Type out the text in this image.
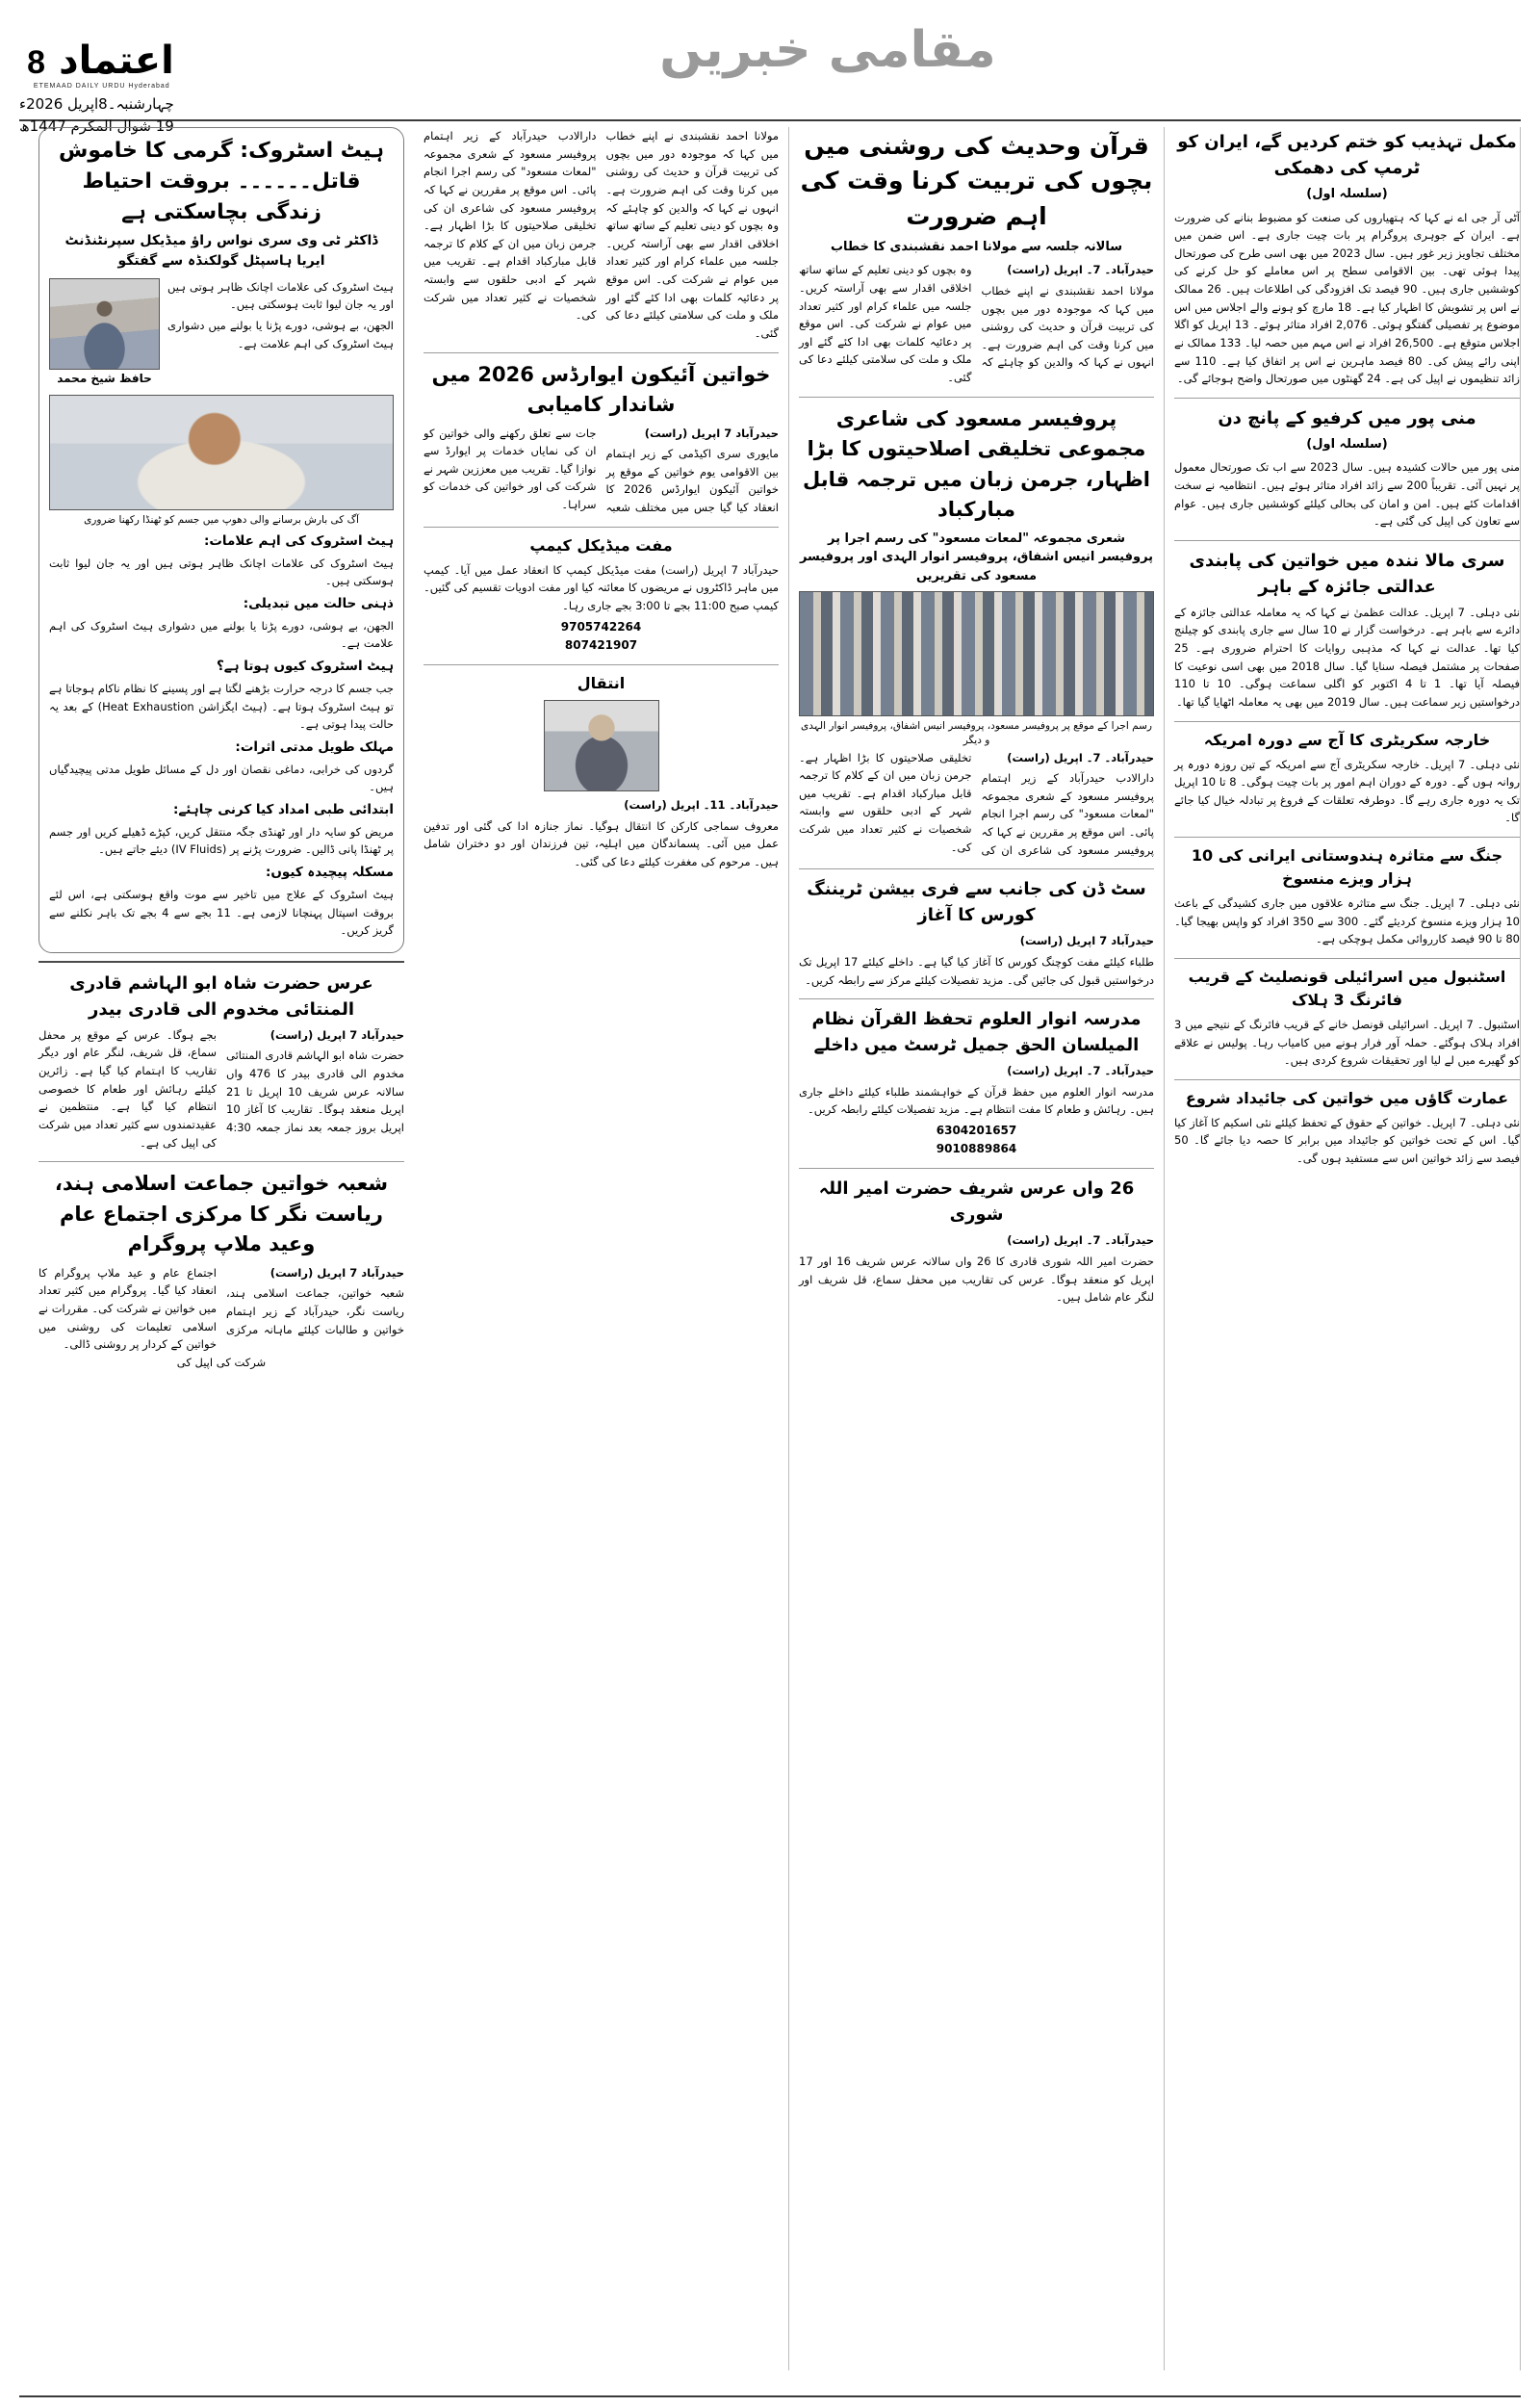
مقامی خبریں
اعتماد
8
ETEMAAD DAILY URDU Hyderabad
چہارشنبہ۔8اپریل 2026ء
19 شوال المکرم 1447ھ
مکمل تہذیب کو ختم کردیں گے، ایران کو ٹرمپ کی دھمکی
(سلسلہ اول)

آٹی آر جی اے نے کہا کہ ہتھیاروں کی صنعت کو مضبوط بنانے کی ضرورت ہے۔ ایران کے جوہری پروگرام پر بات چیت جاری ہے۔ اس ضمن میں مختلف تجاویز زیر غور ہیں۔ سال 2023 میں بھی اسی طرح کی صورتحال پیدا ہوئی تھی۔ بین الاقوامی سطح پر اس معاملے کو حل کرنے کی کوششیں جاری ہیں۔ 90 فیصد تک افزودگی کی اطلاعات ہیں۔ 26 ممالک نے اس پر تشویش کا اظہار کیا ہے۔ 18 مارچ کو ہونے والے اجلاس میں اس موضوع پر تفصیلی گفتگو ہوئی۔ 2,076 افراد متاثر ہوئے۔ 13 اپریل کو اگلا اجلاس متوقع ہے۔ 26,500 افراد نے اس مہم میں حصہ لیا۔ 133 ممالک نے اپنی رائے پیش کی۔ 80 فیصد ماہرین نے اس پر اتفاق کیا ہے۔ 110 سے زائد تنظیموں نے اپیل کی ہے۔ 24 گھنٹوں میں صورتحال واضح ہوجائے گی۔

منی پور میں کرفیو کے پانچ دن
(سلسلہ اول)

منی پور میں حالات کشیدہ ہیں۔ سال 2023 سے اب تک صورتحال معمول پر نہیں آئی۔ تقریباً 200 سے زائد افراد متاثر ہوئے ہیں۔ انتظامیہ نے سخت اقدامات کئے ہیں۔ امن و امان کی بحالی کیلئے کوششیں جاری ہیں۔ عوام سے تعاون کی اپیل کی گئی ہے۔

سری مالا نندہ میں خواتین کی پابندی عدالتی جائزہ کے باہر

نئی دہلی۔ 7 اپریل۔ عدالت عظمیٰ نے کہا کہ یہ معاملہ عدالتی جائزہ کے دائرے سے باہر ہے۔ درخواست گزار نے 10 سال سے جاری پابندی کو چیلنج کیا تھا۔ عدالت نے کہا کہ مذہبی روایات کا احترام ضروری ہے۔ 25 صفحات پر مشتمل فیصلہ سنایا گیا۔ سال 2018 میں بھی اسی نوعیت کا فیصلہ آیا تھا۔ 1 تا 4 اکتوبر کو اگلی سماعت ہوگی۔ 10 تا 110 درخواستیں زیر سماعت ہیں۔ سال 2019 میں بھی یہ معاملہ اٹھایا گیا تھا۔

خارجہ سکریٹری کا آج سے دورہ امریکہ

نئی دہلی۔ 7 اپریل۔ خارجہ سکریٹری آج سے امریکہ کے تین روزہ دورہ پر روانہ ہوں گے۔ دورہ کے دوران اہم امور پر بات چیت ہوگی۔ 8 تا 10 اپریل تک یہ دورہ جاری رہے گا۔ دوطرفہ تعلقات کے فروغ پر تبادلہ خیال کیا جائے گا۔

جنگ سے متاثرہ ہندوستانی ایرانی کی 10 ہزار ویزے منسوخ

نئی دہلی۔ 7 اپریل۔ جنگ سے متاثرہ علاقوں میں جاری کشیدگی کے باعث 10 ہزار ویزے منسوخ کردیئے گئے۔ 300 سے 350 افراد کو واپس بھیجا گیا۔ 80 تا 90 فیصد کارروائی مکمل ہوچکی ہے۔

اسٹنبول میں اسرائیلی قونصلیٹ کے قریب فائرنگ 3 ہلاک

اسٹنبول۔ 7 اپریل۔ اسرائیلی قونصل خانے کے قریب فائرنگ کے نتیجے میں 3 افراد ہلاک ہوگئے۔ حملہ آور فرار ہونے میں کامیاب رہا۔ پولیس نے علاقے کو گھیرے میں لے لیا اور تحقیقات شروع کردی ہیں۔

عمارت گاؤں میں خواتین کی جائیداد شروع

نئی دہلی۔ 7 اپریل۔ خواتین کے حقوق کے تحفظ کیلئے نئی اسکیم کا آغاز کیا گیا۔ اس کے تحت خواتین کو جائیداد میں برابر کا حصہ دیا جائے گا۔ 50 فیصد سے زائد خواتین اس سے مستفید ہوں گی۔

قرآن وحدیث کی روشنی میں بچوں کی تربیت کرنا وقت کی اہم ضرورت
سالانہ جلسہ سے مولانا احمد نقشبندی کا خطاب

حیدرآباد۔ 7۔ اپریل (راست)

مولانا احمد نقشبندی نے اپنے خطاب میں کہا کہ موجودہ دور میں بچوں کی تربیت قرآن و حدیث کی روشنی میں کرنا وقت کی اہم ضرورت ہے۔ انہوں نے کہا کہ والدین کو چاہئے کہ وہ بچوں کو دینی تعلیم کے ساتھ ساتھ اخلاقی اقدار سے بھی آراستہ کریں۔ جلسہ میں علماء کرام اور کثیر تعداد میں عوام نے شرکت کی۔ اس موقع پر دعائیہ کلمات بھی ادا کئے گئے اور ملک و ملت کی سلامتی کیلئے دعا کی گئی۔

پروفیسر مسعود کی شاعری مجموعی تخلیقی اصلاحیتوں کا بڑا اظہار، جرمن زبان میں ترجمہ قابل مبارکباد
شعری مجموعہ "لمعات مسعود" کی رسم اجرا پر پروفیسر انیس اشفاق، پروفیسر انوار الہدی اور پروفیسر مسعود کی تقریریں
رسم اجرا کے موقع پر پروفیسر مسعود، پروفیسر انیس اشفاق، پروفیسر انوار الہدی و دیگر

حیدرآباد۔ 7۔ اپریل (راست)

دارالادب حیدرآباد کے زیر اہتمام پروفیسر مسعود کے شعری مجموعہ "لمعات مسعود" کی رسم اجرا انجام پائی۔ اس موقع پر مقررین نے کہا کہ پروفیسر مسعود کی شاعری ان کی تخلیقی صلاحیتوں کا بڑا اظہار ہے۔ جرمن زبان میں ان کے کلام کا ترجمہ قابل مبارکباد اقدام ہے۔ تقریب میں شہر کے ادبی حلقوں سے وابستہ شخصیات نے کثیر تعداد میں شرکت کی۔

سٹ ڈن کی جانب سے فری بیشن ٹریننگ کورس کا آغاز

حیدرآباد 7 اپریل (راست)

طلباء کیلئے مفت کوچنگ کورس کا آغاز کیا گیا ہے۔ داخلے کیلئے 17 اپریل تک درخواستیں قبول کی جائیں گی۔ مزید تفصیلات کیلئے مرکز سے رابطہ کریں۔

مدرسہ انوار العلوم تحفظ القرآن نظام المیلسان الحق جمیل ٹرسٹ میں داخلے

حیدرآباد۔ 7۔ اپریل (راست)

مدرسہ انوار العلوم میں حفظ قرآن کے خواہشمند طلباء کیلئے داخلے جاری ہیں۔ رہائش و طعام کا مفت انتظام ہے۔ مزید تفصیلات کیلئے رابطہ کریں۔

6304201657
9010889864
26 واں عرس شریف حضرت امیر اللہ شوری

حیدرآباد۔ 7۔ اپریل (راست)

حضرت امیر اللہ شوری قادری کا 26 واں سالانہ عرس شریف 16 اور 17 اپریل کو منعقد ہوگا۔ عرس کی تقاریب میں محفل سماع، قل شریف اور لنگر عام شامل ہیں۔

مولانا احمد نقشبندی نے اپنے خطاب میں کہا کہ موجودہ دور میں بچوں کی تربیت قرآن و حدیث کی روشنی میں کرنا وقت کی اہم ضرورت ہے۔ انہوں نے کہا کہ والدین کو چاہئے کہ وہ بچوں کو دینی تعلیم کے ساتھ ساتھ اخلاقی اقدار سے بھی آراستہ کریں۔ جلسہ میں علماء کرام اور کثیر تعداد میں عوام نے شرکت کی۔ اس موقع پر دعائیہ کلمات بھی ادا کئے گئے اور ملک و ملت کی سلامتی کیلئے دعا کی گئی۔

دارالادب حیدرآباد کے زیر اہتمام پروفیسر مسعود کے شعری مجموعہ "لمعات مسعود" کی رسم اجرا انجام پائی۔ اس موقع پر مقررین نے کہا کہ پروفیسر مسعود کی شاعری ان کی تخلیقی صلاحیتوں کا بڑا اظہار ہے۔ جرمن زبان میں ان کے کلام کا ترجمہ قابل مبارکباد اقدام ہے۔ تقریب میں شہر کے ادبی حلقوں سے وابستہ شخصیات نے کثیر تعداد میں شرکت کی۔

خواتین آئیکون ایوارڈس 2026 میں شاندار کامیابی

حیدرآباد 7 اپریل (راست)

مایوری سری اکیڈمی کے زیر اہتمام بین الاقوامی یوم خواتین کے موقع پر خواتین آئیکون ایوارڈس 2026 کا انعقاد کیا گیا جس میں مختلف شعبہ جات سے تعلق رکھنے والی خواتین کو ان کی نمایاں خدمات پر ایوارڈ سے نوازا گیا۔ تقریب میں معززین شہر نے شرکت کی اور خواتین کی خدمات کو سراہا۔

مفت میڈیکل کیمپ

حیدرآباد 7 اپریل (راست) مفت میڈیکل کیمپ کا انعقاد عمل میں آیا۔ کیمپ میں ماہر ڈاکٹروں نے مریضوں کا معائنہ کیا اور مفت ادویات تقسیم کی گئیں۔ کیمپ صبح 11:00 بجے تا 3:00 بجے جاری رہا۔

9705742264
807421907
انتقال

حیدرآباد۔ 11۔ اپریل (راست)

معروف سماجی کارکن کا انتقال ہوگیا۔ نماز جنازہ ادا کی گئی اور تدفین عمل میں آئی۔ پسماندگان میں اہلیہ، تین فرزندان اور دو دختران شامل ہیں۔ مرحوم کی مغفرت کیلئے دعا کی گئی۔

ہیٹ اسٹروک: گرمی کا خاموش قاتل۔۔۔۔۔۔ بروقت احتیاط زندگی بچاسکتی ہے
ڈاکٹر ٹی وی سری نواس راؤ میڈیکل سپرنٹنڈنٹ ایریا ہاسپٹل گولکنڈہ سے گفتگو
حافظ شیخ محمد

ہیٹ اسٹروک کی علامات اچانک ظاہر ہوتی ہیں اور یہ جان لیوا ثابت ہوسکتی ہیں۔

الجھن، بے ہوشی، دورے پڑنا یا بولنے میں دشواری ہیٹ اسٹروک کی اہم علامت ہے۔

آگ کی بارش برسانے والی دھوپ میں جسم کو ٹھنڈا رکھنا ضروری
ہیٹ اسٹروک کی اہم علامات:

ہیٹ اسٹروک کی علامات اچانک ظاہر ہوتی ہیں اور یہ جان لیوا ثابت ہوسکتی ہیں۔

ذہنی حالت میں تبدیلی:

الجھن، بے ہوشی، دورے پڑنا یا بولنے میں دشواری ہیٹ اسٹروک کی اہم علامت ہے۔

ہیٹ اسٹروک کیوں ہوتا ہے؟

جب جسم کا درجہ حرارت بڑھنے لگتا ہے اور پسینے کا نظام ناکام ہوجاتا ہے تو ہیٹ اسٹروک ہوتا ہے۔ (ہیٹ ایگزاشن Heat Exhaustion) کے بعد یہ حالت پیدا ہوتی ہے۔

مہلک طویل مدتی اثرات:

گردوں کی خرابی، دماغی نقصان اور دل کے مسائل طویل مدتی پیچیدگیاں ہیں۔

ابتدائی طبی امداد کیا کرنی چاہئے:

مریض کو سایہ دار اور ٹھنڈی جگہ منتقل کریں، کپڑے ڈھیلے کریں اور جسم پر ٹھنڈا پانی ڈالیں۔ ضرورت پڑنے پر (IV Fluids) دیئے جاتے ہیں۔

مسکلہ پیچیدہ کیوں:

ہیٹ اسٹروک کے علاج میں تاخیر سے موت واقع ہوسکتی ہے، اس لئے بروقت اسپتال پہنچانا لازمی ہے۔ 11 بجے سے 4 بجے تک باہر نکلنے سے گریز کریں۔

عرس حضرت شاہ ابو الہاشم قادری المنتائی مخدوم الی قادری بیدر

حیدرآباد 7 اپریل (راست)

حضرت شاہ ابو الہاشم قادری المنتائی مخدوم الی قادری بیدر کا 476 واں سالانہ عرس شریف 10 اپریل تا 21 اپریل منعقد ہوگا۔ تقاریب کا آغاز 10 اپریل بروز جمعہ بعد نماز جمعہ 4:30 بجے ہوگا۔ عرس کے موقع پر محفل سماع، قل شریف، لنگر عام اور دیگر تقاریب کا اہتمام کیا گیا ہے۔ زائرین کیلئے رہائش اور طعام کا خصوصی انتظام کیا گیا ہے۔ منتظمین نے عقیدتمندوں سے کثیر تعداد میں شرکت کی اپیل کی ہے۔

شعبہ خواتین جماعت اسلامی ہند، ریاست نگر کا مرکزی اجتماع عام وعید ملاپ پروگرام

حیدرآباد 7 اپریل (راست)

شعبہ خواتین، جماعت اسلامی ہند، ریاست نگر، حیدرآباد کے زیر اہتمام خواتین و طالبات کیلئے ماہانہ مرکزی اجتماع عام و عید ملاپ پروگرام کا انعقاد کیا گیا۔ پروگرام میں کثیر تعداد میں خواتین نے شرکت کی۔ مقررات نے اسلامی تعلیمات کی روشنی میں خواتین کے کردار پر روشنی ڈالی۔

شرکت کی اپیل کی
